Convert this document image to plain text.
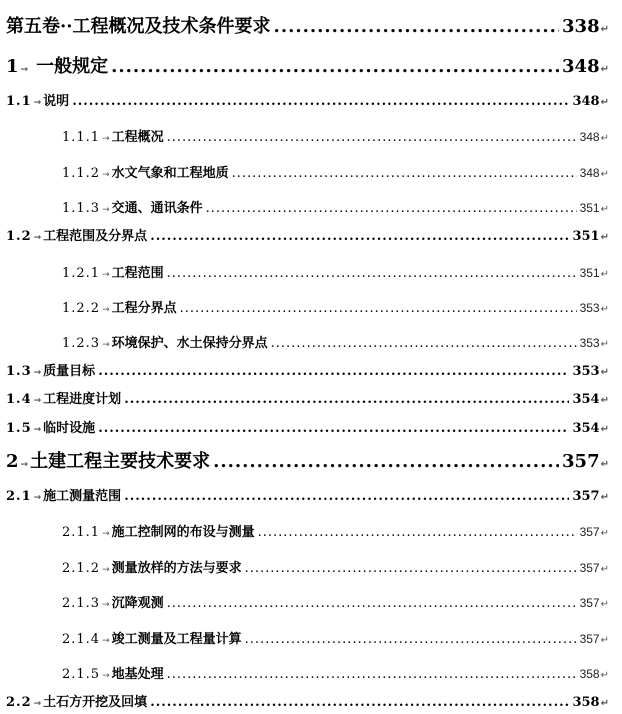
第五卷·· 工程概况及技术条件要求 .....	338 ↵
1 → 一般规定 .....	348 ↵
1.1 → 说明 .....	348 ↵
1.1.1 → 工程概况 .....	348 ↵
1.1.2 → 水文气象和工程地质 .....	348 ↵
1.1.3 → 交通、通讯条件 .....	351 ↵
1.2 → 工程范围及分界点 .....	351 ↵
1.2.1 → 工程范围 .....	351 ↵
1.2.2 → 工程分界点 .....	353 ↵
1.2.3 → 环境保护、水土保持分界点 .....	353 ↵
1.3 → 质量目标 .....	353 ↵
1.4 → 工程进度计划 .....	354 ↵
1.5 → 临时设施 .....	354 ↵
2 → 土建工程主要技术要求 .....	357 ↵
2.1 → 施工测量范围 .....	357 ↵
2.1.1 → 施工控制网的布设与测量 .....	357 ↵
2.1.2 → 测量放样的方法与要求 .....	357 ↵
2.1.3 → 沉降观测 .....	357 ↵
2.1.4 → 竣工测量及工程量计算 .....	357 ↵
2.1.5 → 地基处理 .....	358 ↵
2.2 → 土石方开挖及回填 .....	358 ↵
